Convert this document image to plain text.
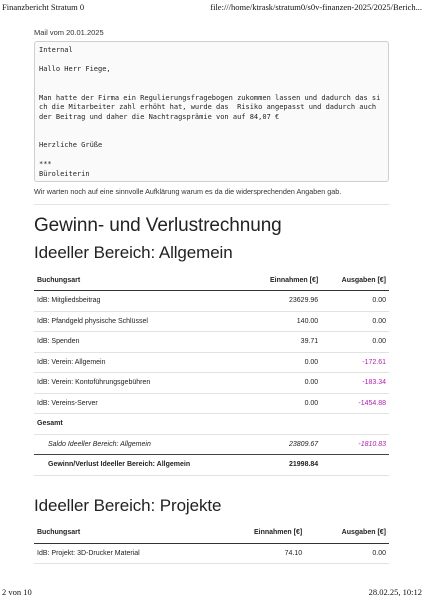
Finanzbericht Stratum 0	file:///home/ktrask/stratum0/s0v-finanzen-2025/2025/Berich...
Mail vom 20.01.2025

Internal

Hallo Herr Fiege,

Man hatte der Firma ein Regulierungsfragebogen zukommen lassen und dadurch das sich die Mitarbeiter zahl erhöht hat, wurde das  Risiko angepasst und dadurch auch der Beitrag und daher die Nachtragsprämie von auf 84,07 €

Herzliche Grüße

***

Büroleiterin

Wir warten noch auf eine sinnvolle Aufklärung warum es da die widersprechenden Angaben gab.
Gewinn- und Verlustrechnung
Ideeller Bereich: Allgemein
Buchungsart	Einnahmen [€]	Ausgaben [€]
IdB: Mitgliedsbeitrag	23629.96	0.00
IdB: Pfandgeld physische Schlüssel	140.00	0.00
IdB: Spenden	39.71	0.00
IdB: Verein: Allgemein	0.00	-172.61
IdB: Verein: Kontoführungsgebühren	0.00	-183.34
IdB: Vereins-Server	0.00	-1454.88
Gesamt		
Saldo Ideeller Bereich: Allgemein	23809.67	-1810.83
Gewinn/Verlust Ideeller Bereich: Allgemein	21998.84	
Ideeller Bereich: Projekte
Buchungsart	Einnahmen [€]	Ausgaben [€]
IdB: Projekt: 3D-Drucker Material	74.10	0.00
2 von 10	28.02.25, 10:12
